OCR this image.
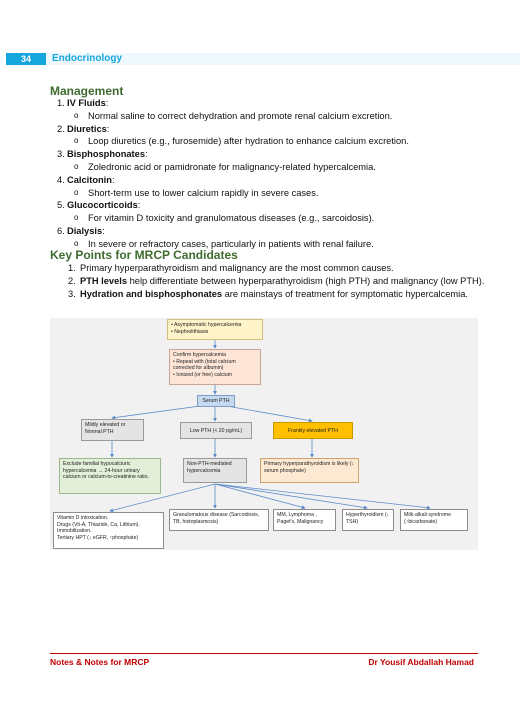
34	Endocrinology
Management
1. IV Fluids:
o Normal saline to correct dehydration and promote renal calcium excretion.
2. Diuretics:
o Loop diuretics (e.g., furosemide) after hydration to enhance calcium excretion.
3. Bisphosphonates:
o Zoledronic acid or pamidronate for malignancy-related hypercalcemia.
4. Calcitonin:
o Short-term use to lower calcium rapidly in severe cases.
5. Glucocorticoids:
o For vitamin D toxicity and granulomatous diseases (e.g., sarcoidosis).
6. Dialysis:
o In severe or refractory cases, particularly in patients with renal failure.
Key Points for MRCP Candidates
1. Primary hyperparathyroidism and malignancy are the most common causes.
2. PTH levels help differentiate between hyperparathyroidism (high PTH) and malignancy (low PTH).
3. Hydration and bisphosphonates are mainstays of treatment for symptomatic hypercalcemia.
• Asymptomatic hypercalcemia
• Nephrolithiasis
Confirm hypercalcemia
• Repeat with (total calcium corrected for albumin)
• Ionized (or free) calcium
Serum PTH
Mildly elevated or Normal PTH	Low PTH (< 20 pg/mL)	Frankly elevated PTH
Exclude familial hypocalciuric hypercalcemia → 24-hour urinary calcium or calcium-to-creatinine ratio.
Non-PTH-mediated hypercalcemia
Primary hyperparathyroidism is likely (↓ serum phosphate)
Vitamin D intoxication.
Drugs (Vit-A, Thiazide, Ca, Lithium).
Immobilization.
Tertiary HPT (↓ eGFR, ↑phosphate)
Granulomatous disease (Sarcoidosis, TB, histoplasmosis)
MM, Lymphoma , Paget's, Malignancy
Hyperthyroidism (↓ TSH)
Milk-alkali syndrome (↑bicarbonate)
Notes & Notes for MRCP	Dr Yousif Abdallah Hamad
